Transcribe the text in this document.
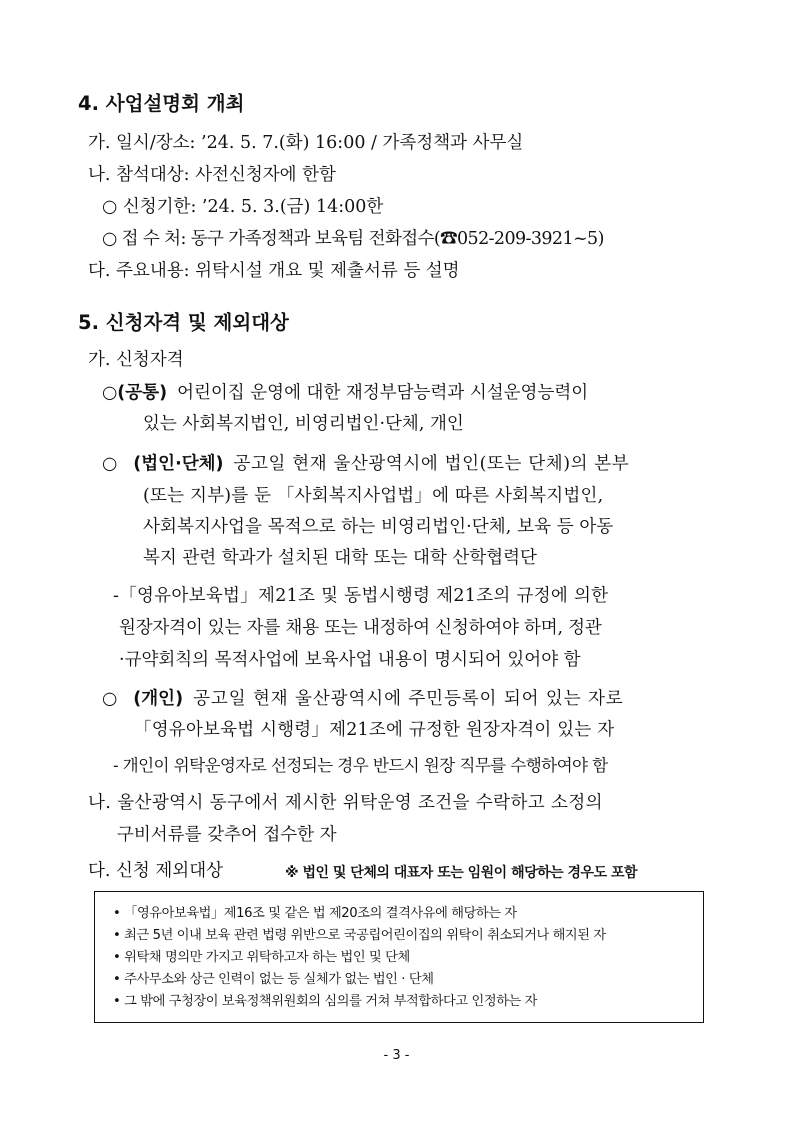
4. 사업설명회 개최
가. 일시/장소: ’24. 5. 7.(화) 16:00 / 가족정책과 사무실
나. 참석대상: 사전신청자에 한함
○ 신청기한: ’24. 5. 3.(금) 14:00한
○ 접 수 처: 동구 가족정책과 보육팀 전화접수(☎052-209-3921~5)
다. 주요내용: 위탁시설 개요 및 제출서류 등 설명
5. 신청자격 및 제외대상
가. 신청자격
○ (공통) 어린이집 운영에 대한 재정부담능력과 시설운영능력이
있는 사회복지법인, 비영리법인·단체, 개인
○ (법인·단체) 공고일 현재 울산광역시에 법인(또는 단체)의 본부
(또는 지부)를 둔 「사회복지사업법」에 따른 사회복지법인,
사회복지사업을 목적으로 하는 비영리법인·단체, 보육 등 아동
복지 관련 학과가 설치된 대학 또는 대학 산학협력단
-「영유아보육법」제21조 및 동법시행령 제21조의 규정에 의한
원장자격이 있는 자를 채용 또는 내정하여 신청하여야 하며, 정관
·규약회칙의 목적사업에 보육사업 내용이 명시되어 있어야 함
○ (개인) 공고일 현재 울산광역시에 주민등록이 되어 있는 자로
「영유아보육법 시행령」제21조에 규정한 원장자격이 있는 자
- 개인이 위탁운영자로 선정되는 경우 반드시 원장 직무를 수행하여야 함
나. 울산광역시 동구에서 제시한 위탁운영 조건을 수락하고 소정의
구비서류를 갖추어 접수한 자
다. 신청 제외대상	※ 법인 및 단체의 대표자 또는 임원이 해당하는 경우도 포함
• 「영유아보육법」제16조 및 같은 법 제20조의 결격사유에 해당하는 자
• 최근 5년 이내 보육 관련 법령 위반으로 국공립어린이집의 위탁이 취소되거나 해지된 자
• 위탁채 명의만 가지고 위탁하고자 하는 법인 및 단체
• 주사무소와 상근 인력이 없는 등 실체가 없는 법인 · 단체
• 그 밖에 구청장이 보육정책위원회의 심의를 거쳐 부적합하다고 인정하는 자
- 3 -
